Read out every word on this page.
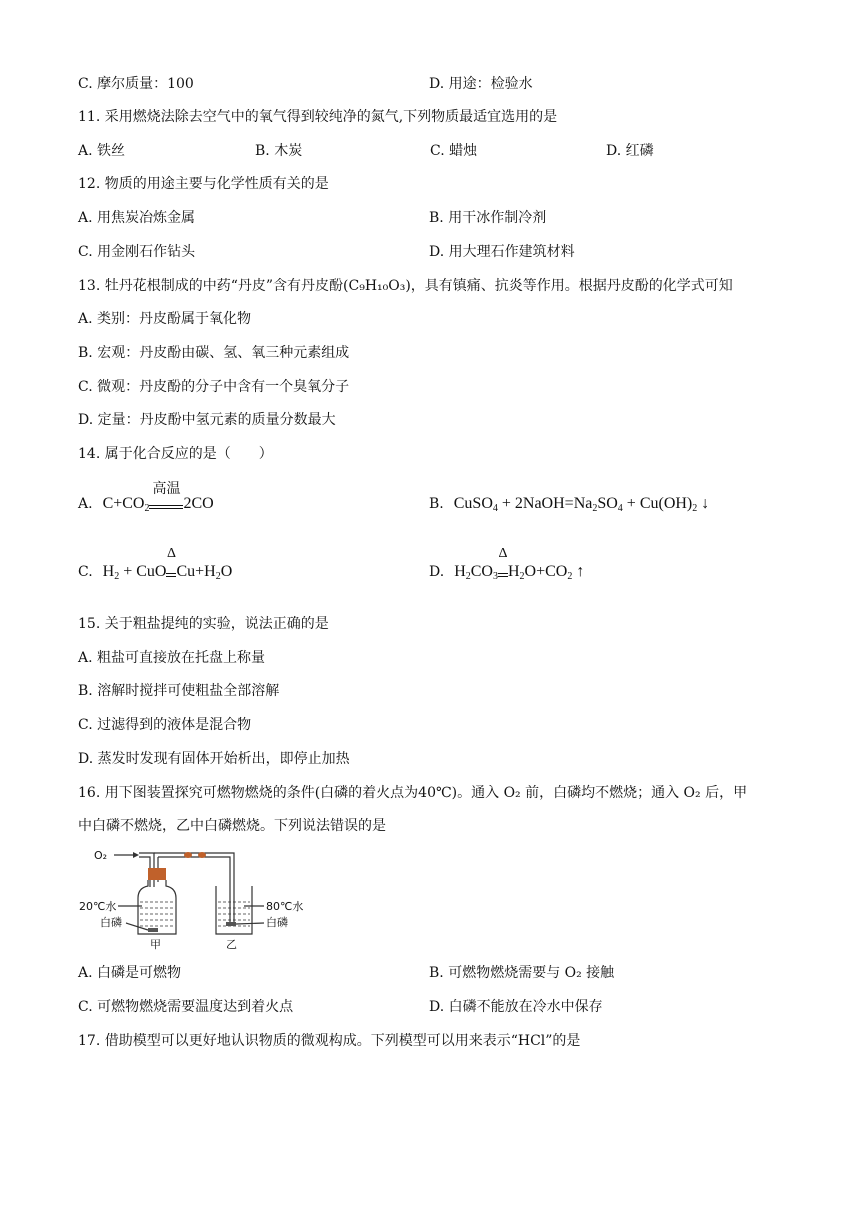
C. 摩尔质量：100	D. 用途：检验水
11. 采用燃烧法除去空气中的氧气得到较纯净的氮气,下列物质最适宜选用的是
A. 铁丝	B. 木炭	C. 蜡烛	D. 红磷
12. 物质的用途主要与化学性质有关的是
A. 用焦炭冶炼金属	B. 用干冰作制冷剂
C. 用金刚石作钻头	D. 用大理石作建筑材料
13. 牡丹花根制成的中药“丹皮”含有丹皮酚(C₉H₁₀O₃)，具有镇痛、抗炎等作用。根据丹皮酚的化学式可知
A. 类别：丹皮酚属于氧化物
B. 宏观：丹皮酚由碳、氢、氧三种元素组成
C. 微观：丹皮酚的分子中含有一个臭氧分子
D. 定量：丹皮酚中氢元素的质量分数最大
14. 属于化合反应的是（　　）
A. $C+CO_2$
高温
2CO	B. CuSO$_4$ + $2NaOH=Na_2SO_4 + Cu(OH)_2$ ↓
C. $H_2$ + CuO
Δ
$Cu+H_2O$	D. $H_2CO_3$
Δ
$H_2O+CO_2$ ↑
15. 关于粗盐提纯的实验，说法正确的是
A. 粗盐可直接放在托盘上称量
B. 溶解时搅拌可使粗盐全部溶解
C. 过滤得到的液体是混合物
D. 蒸发时发现有固体开始析出，即停止加热
16. 用下图装置探究可燃物燃烧的条件(白磷的着火点为40℃)。通入 O₂ 前，白磷均不燃烧；通入 O₂ 后，甲
中白磷不燃烧，乙中白磷燃烧。下列说法错误的是
O₂
20℃水
白磷
80℃水
白磷
甲	乙
A. 白磷是可燃物	B. 可燃物燃烧需要与 O₂ 接触
C. 可燃物燃烧需要温度达到着火点	D. 白磷不能放在冷水中保存
17. 借助模型可以更好地认识物质的微观构成。下列模型可以用来表示“HCl”的是
